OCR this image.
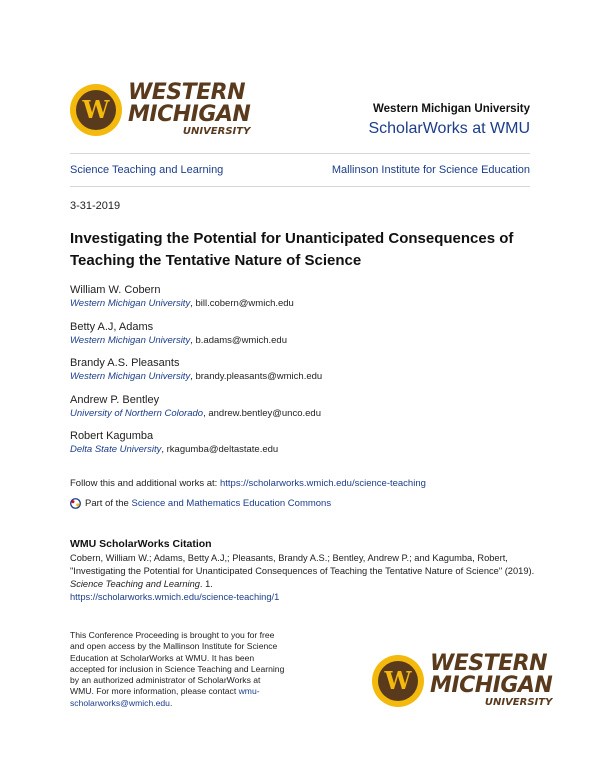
W
WESTERN
MICHIGAN
UNIVERSITY
Western Michigan University
ScholarWorks at WMU
Science Teaching and Learning	Mallinson Institute for Science Education
3-31-2019
Investigating the Potential for Unanticipated Consequences of Teaching the Tentative Nature of Science
William W. Cobern
Western Michigan University, bill.cobern@wmich.edu
Betty A.J, Adams
Western Michigan University, b.adams@wmich.edu
Brandy A.S. Pleasants
Western Michigan University, brandy.pleasants@wmich.edu
Andrew P. Bentley
University of Northern Colorado, andrew.bentley@unco.edu
Robert Kagumba
Delta State University, rkagumba@deltastate.edu
Follow this and additional works at: https://scholarworks.wmich.edu/science-teaching
Part of the
Science and Mathematics Education Commons
WMU ScholarWorks Citation
Cobern, William W.; Adams, Betty A.J,; Pleasants, Brandy A.S.; Bentley, Andrew P.; and Kagumba, Robert, "Investigating the Potential for Unanticipated Consequences of Teaching the Tentative Nature of Science" (2019). Science Teaching and Learning. 1.
https://scholarworks.wmich.edu/science-teaching/1
This Conference Proceeding is brought to you for free and open access by the Mallinson Institute for Science Education at ScholarWorks at WMU. It has been accepted for inclusion in Science Teaching and Learning by an authorized administrator of ScholarWorks at WMU. For more information, please contact wmu-scholarworks@wmich.edu.
W
WESTERN
MICHIGAN
UNIVERSITY
